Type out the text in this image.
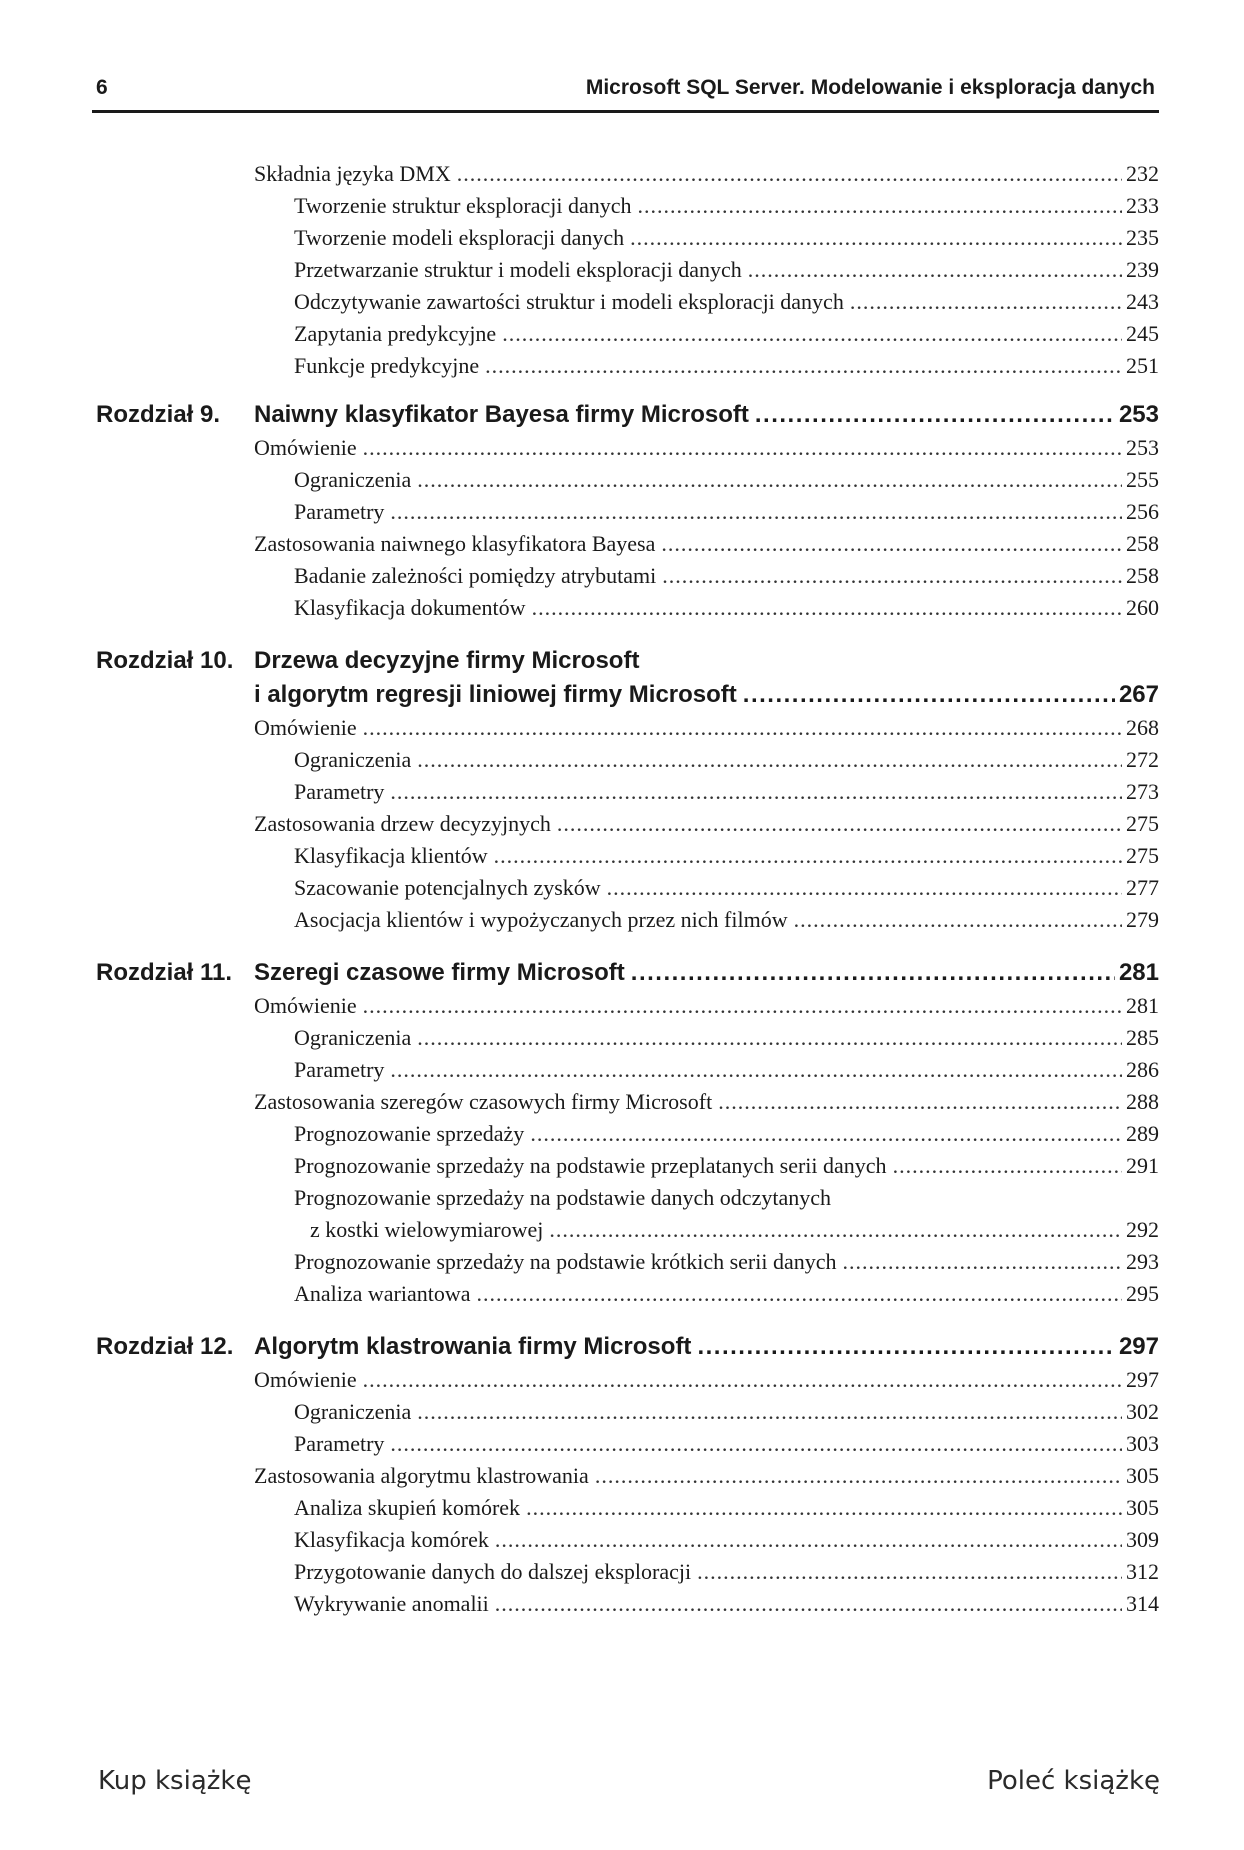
6	Microsoft SQL Server. Modelowanie i eksploracja danych
Składnia języka DMX .....	232
Tworzenie struktur eksploracji danych .....	233
Tworzenie modeli eksploracji danych .....	235
Przetwarzanie struktur i modeli eksploracji danych .....	239
Odczytywanie zawartości struktur i modeli eksploracji danych .....	243
Zapytania predykcyjne .....	245
Funkcje predykcyjne .....	251
Rozdział 9. Naiwny klasyfikator Bayesa firmy Microsoft .....	253
Omówienie .....	253
Ograniczenia .....	255
Parametry .....	256
Zastosowania naiwnego klasyfikatora Bayesa .....	258
Badanie zależności pomiędzy atrybutami .....	258
Klasyfikacja dokumentów .....	260
Rozdział 10. Drzewa decyzyjne firmy Microsoft
i algorytm regresji liniowej firmy Microsoft .....	267
Omówienie .....	268
Ograniczenia .....	272
Parametry .....	273
Zastosowania drzew decyzyjnych .....	275
Klasyfikacja klientów .....	275
Szacowanie potencjalnych zysków .....	277
Asocjacja klientów i wypożyczanych przez nich filmów .....	279
Rozdział 11. Szeregi czasowe firmy Microsoft .....	281
Omówienie .....	281
Ograniczenia .....	285
Parametry .....	286
Zastosowania szeregów czasowych firmy Microsoft .....	288
Prognozowanie sprzedaży .....	289
Prognozowanie sprzedaży na podstawie przeplatanych serii danych .....	291
Prognozowanie sprzedaży na podstawie danych odczytanych
z kostki wielowymiarowej .....	292
Prognozowanie sprzedaży na podstawie krótkich serii danych .....	293
Analiza wariantowa .....	295
Rozdział 12. Algorytm klastrowania firmy Microsoft .....	297
Omówienie .....	297
Ograniczenia .....	302
Parametry .....	303
Zastosowania algorytmu klastrowania .....	305
Analiza skupień komórek .....	305
Klasyfikacja komórek .....	309
Przygotowanie danych do dalszej eksploracji .....	312
Wykrywanie anomalii .....	314
Kup książkę	Poleć książkę
